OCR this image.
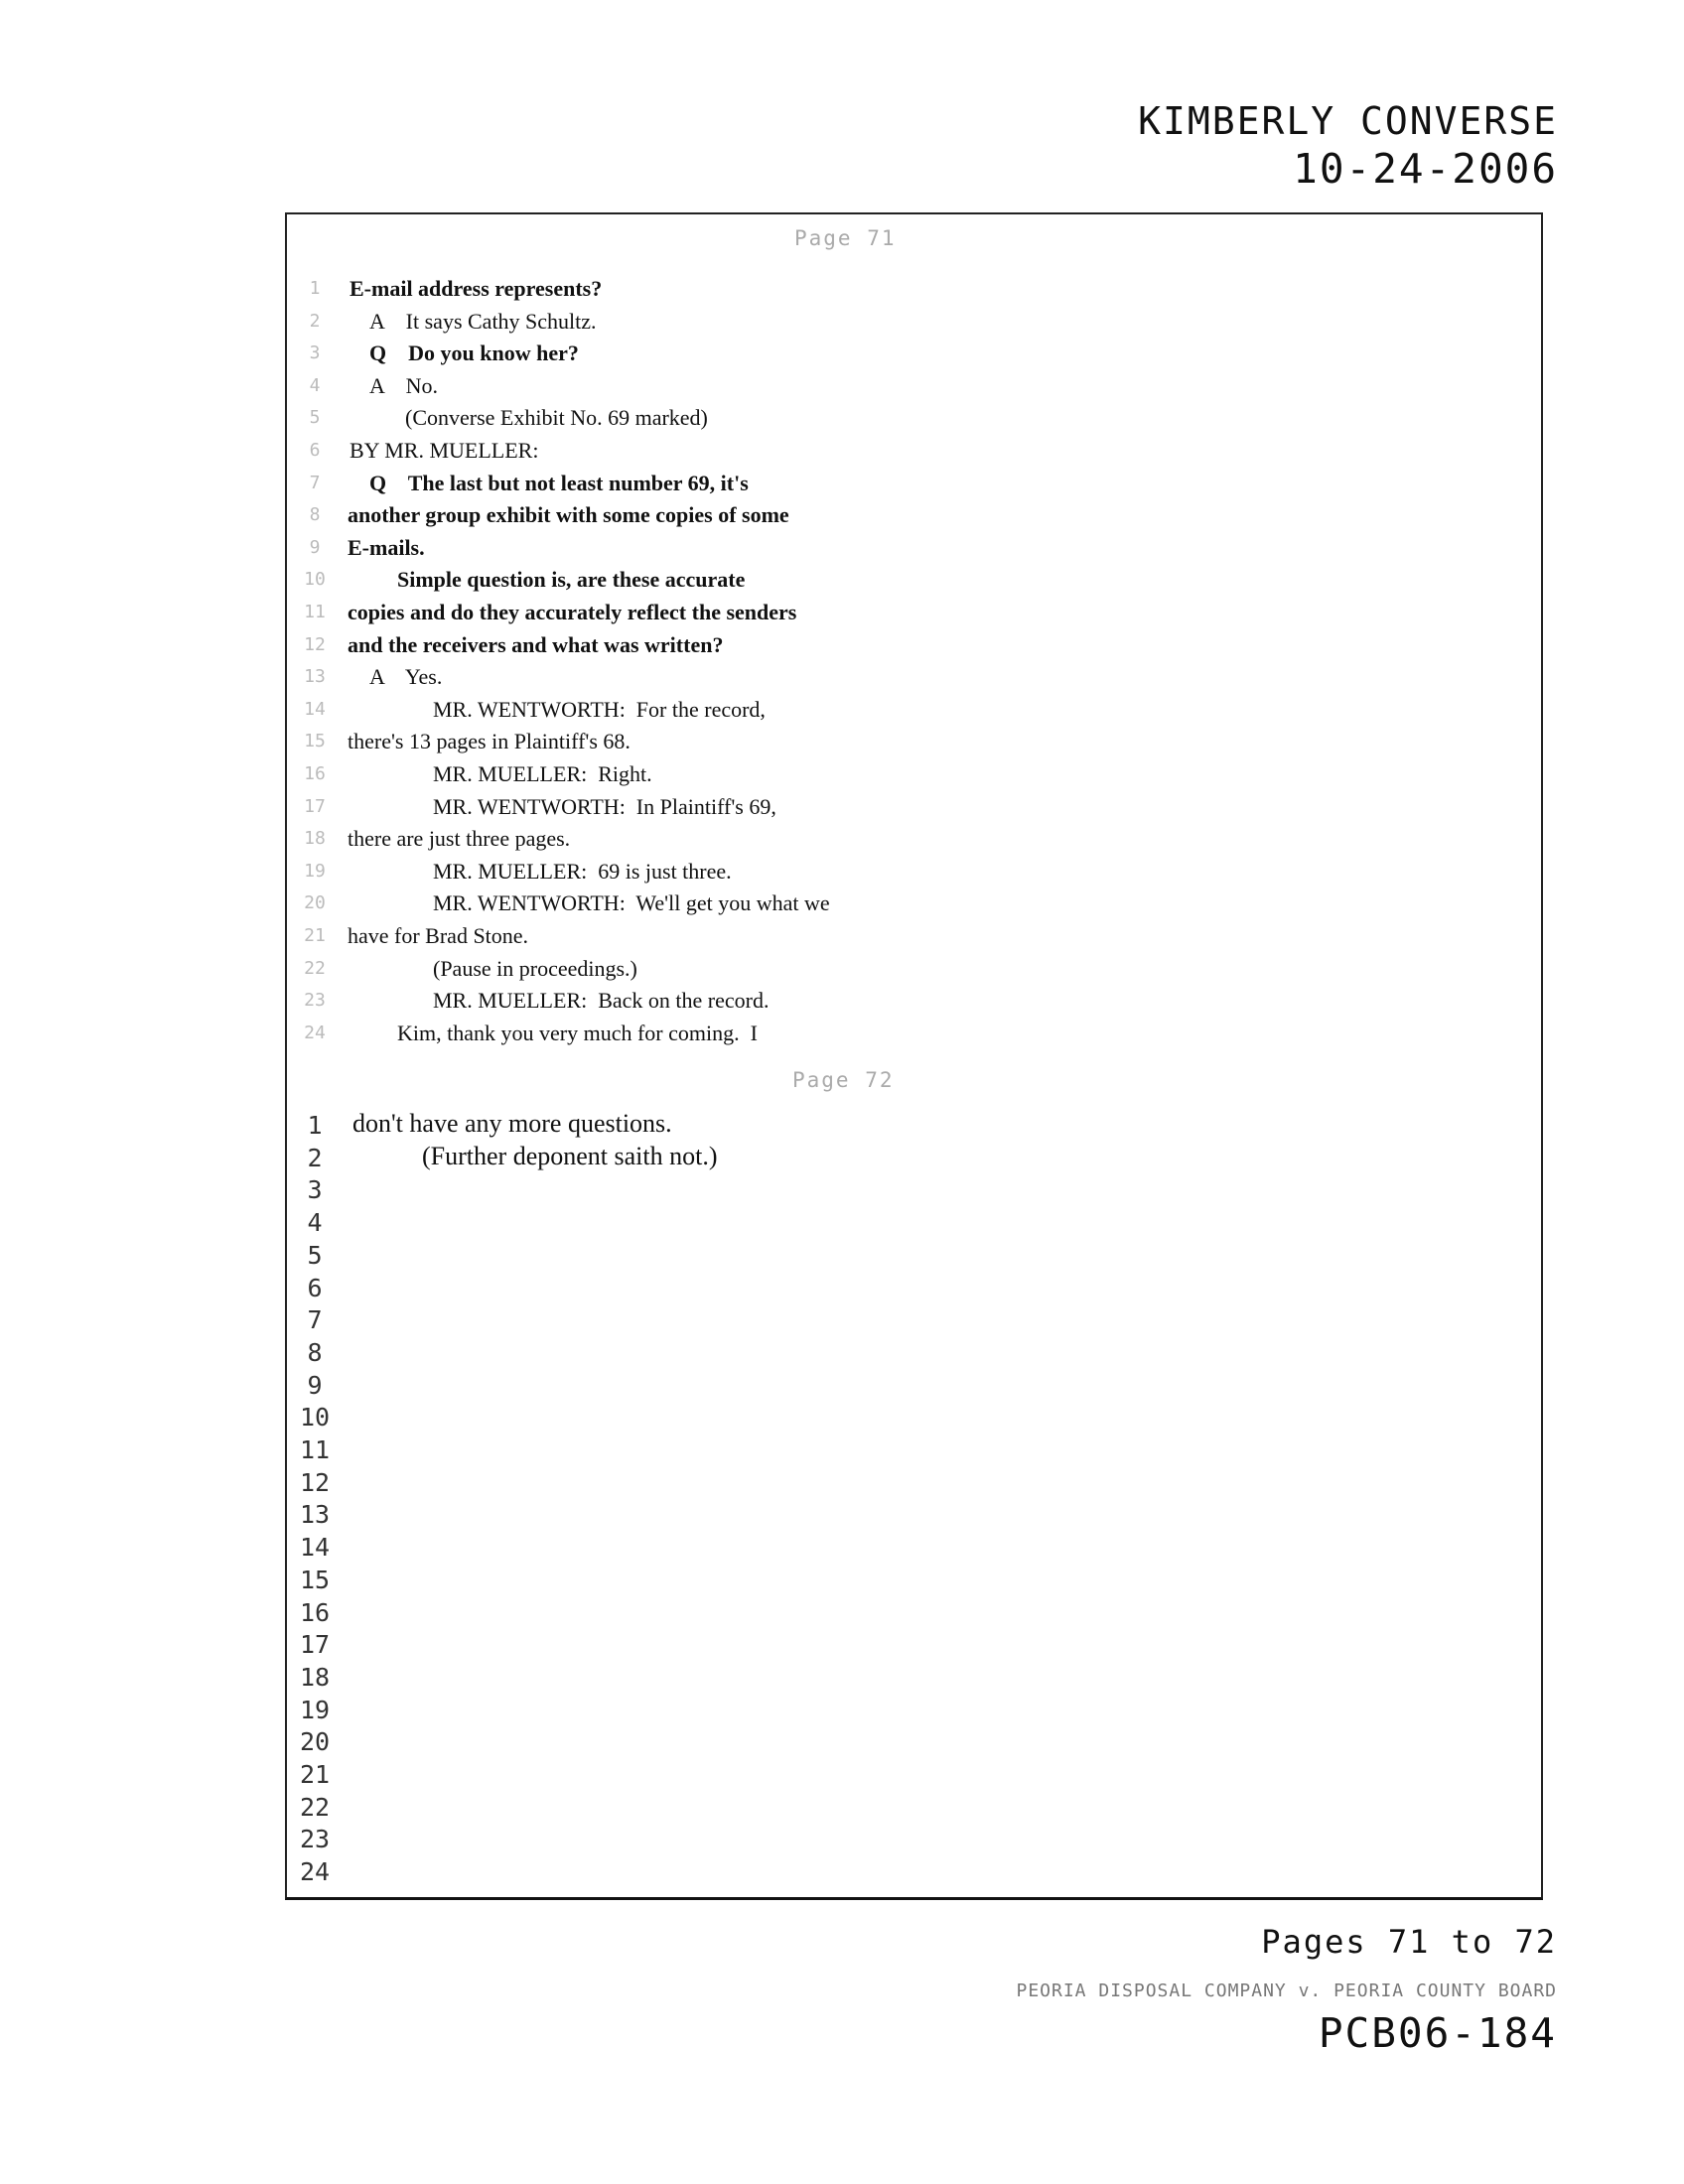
KIMBERLY CONVERSE
10-24-2006
Page 71
1	E-mail address represents?
2	A    It says Cathy Schultz.
3	Q    Do you know her?
4	A    No.
5	(Converse Exhibit No. 69 marked)
6	BY MR. MUELLER:
7	Q    The last but not least number 69, it's
8	another group exhibit with some copies of some
9	E-mails.
10	Simple question is, are these accurate
11	copies and do they accurately reflect the senders
12	and the receivers and what was written?
13	A    Yes.
14	MR. WENTWORTH:  For the record,
15	there's 13 pages in Plaintiff's 68.
16	MR. MUELLER:  Right.
17	MR. WENTWORTH:  In Plaintiff's 69,
18	there are just three pages.
19	MR. MUELLER:  69 is just three.
20	MR. WENTWORTH:  We'll get you what we
21	have for Brad Stone.
22	(Pause in proceedings.)
23	MR. MUELLER:  Back on the record.
24	Kim, thank you very much for coming.  I
Page 72
1	don't have any more questions.
2	(Further deponent saith not.)
3
4
5
6
7
8
9
10
11
12
13
14
15
16
17
18
19
20
21
22
23
24
Pages 71 to 72
PEORIA DISPOSAL COMPANY v. PEORIA COUNTY BOARD
PCB06-184
